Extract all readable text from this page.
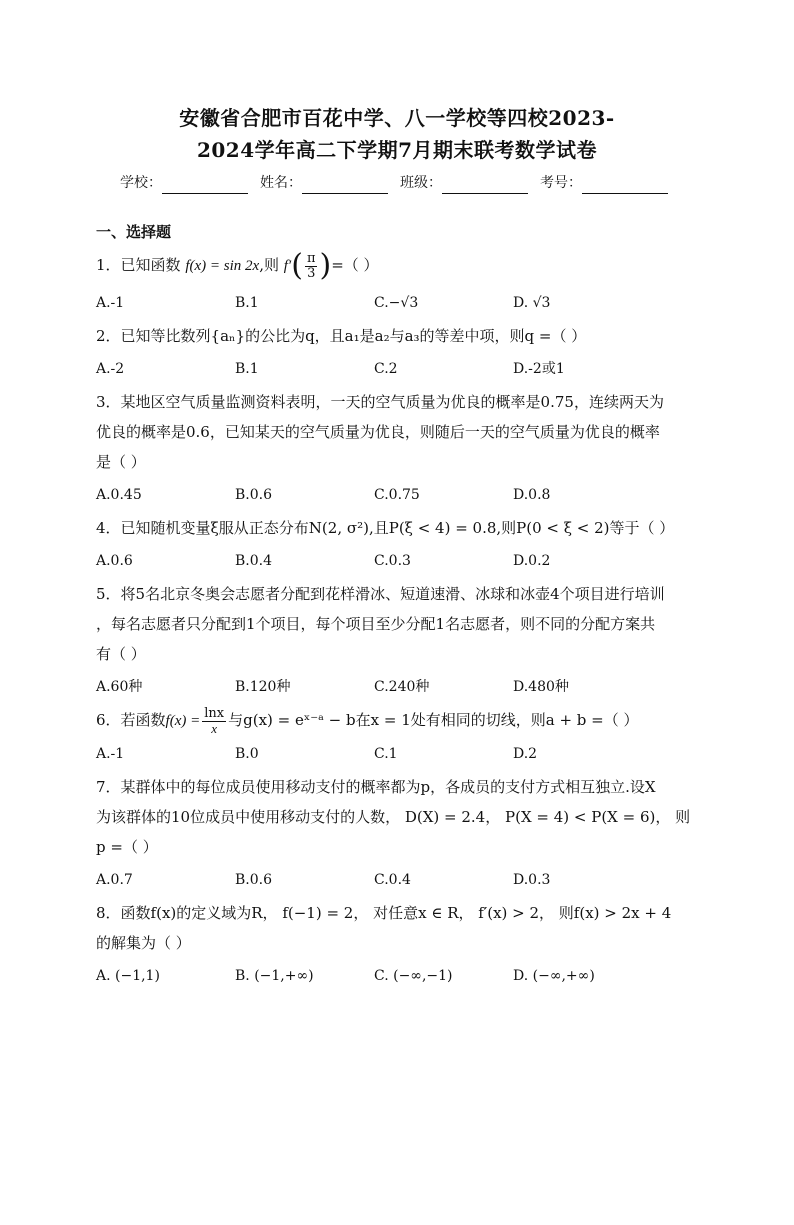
安徽省合肥市百花中学、八一学校等四校2023-
2024学年高二下学期7月期末联考数学试卷
学校：	姓名：	班级：	考号：
一、选择题
1．已知函数 f(x) = sin 2x,则 $f'( \frac{\pi}{3}$ )=（ ）
A.-1	B.1	C.−√3	D. √3
2．已知等比数列{aₙ}的公比为q，且a₁是a₂与a₃的等差中项，则q =（ ）
A.-2	B.1	C.2	D.-2或1
3．某地区空气质量监测资料表明，一天的空气质量为优良的概率是0.75，连续两天为
优良的概率是0.6，已知某天的空气质量为优良，则随后一天的空气质量为优良的概率
是（ ）
A.0.45	B.0.6	C.0.75	D.0.8
4．已知随机变量ξ服从正态分布N(2, σ²),且P(ξ < 4) = 0.8,则P(0 < ξ < 2)等于（ ）
A.0.6	B.0.4	C.0.3	D.0.2
5．将5名北京冬奥会志愿者分配到花样滑冰、短道速滑、冰球和冰壶4个项目进行培训
，每名志愿者只分配到1个项目，每个项目至少分配1名志愿者，则不同的分配方案共
有（ ）
A.60种	B.120种	C.240种	D.480种
6．若函数$f(x) = \frac{\ln x}{x}$ 与g(x) = eˣ⁻ᵃ − b在x = 1处有相同的切线，则a + b =（ ）
A.-1	B.0	C.1	D.2
7．某群体中的每位成员使用移动支付的概率都为p，各成员的支付方式相互独立.设X
为该群体的10位成员中使用移动支付的人数， D(X) = 2.4， P(X = 4) < P(X = 6)， 则
p =（ ）
A.0.7	B.0.6	C.0.4	D.0.3
8．函数f(x)的定义域为R， f(−1) = 2， 对任意x ∈ R， f′(x) > 2， 则f(x) > 2x + 4
的解集为（ ）
A. (−1,1)	B. (−1,+∞)	C. (−∞,−1)	D. (−∞,+∞)
